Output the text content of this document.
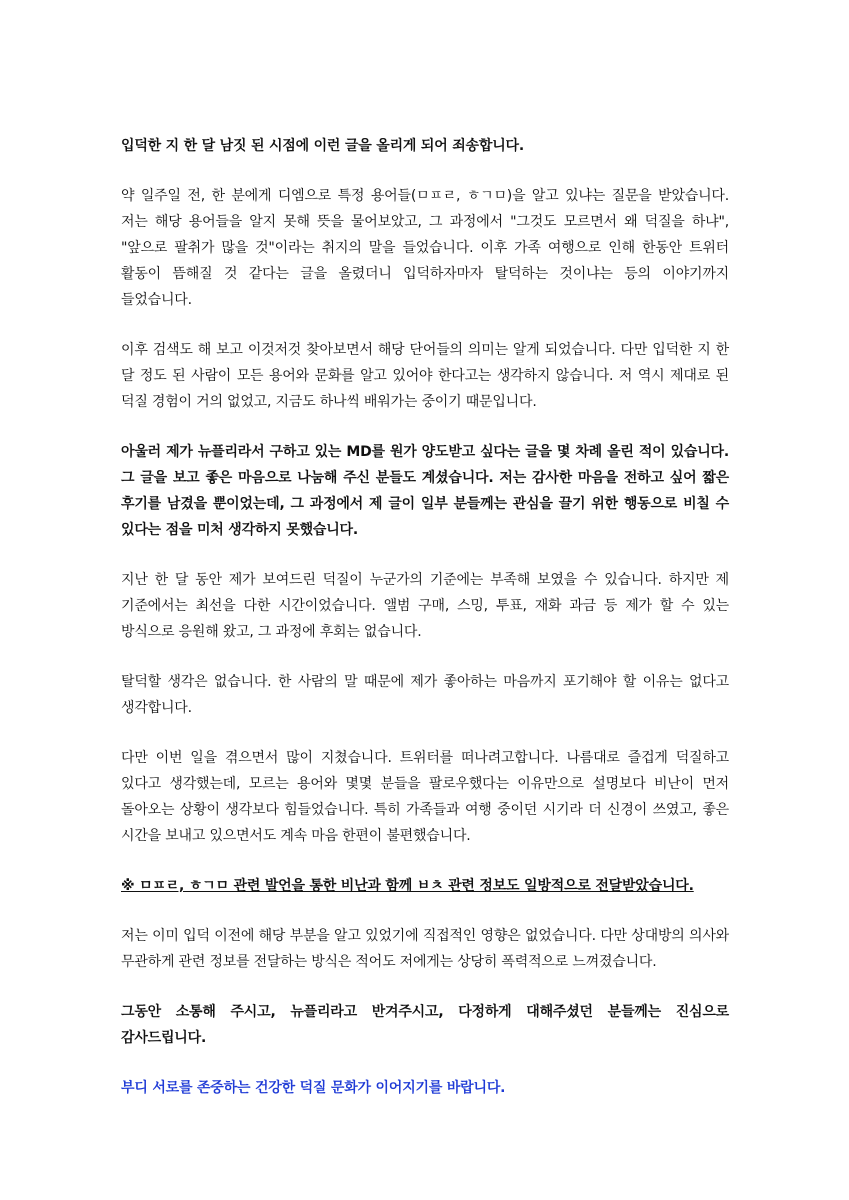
입덕한 지 한 달 남짓 된 시점에 이런 글을 올리게 되어 죄송합니다.

약 일주일 전, 한 분에게 디엠으로 특정 용어들(ㅁㅍㄹ, ㅎㄱㅁ)을 알고 있냐는 질문을 받았습니다. 저는 해당 용어들을 알지 못해 뜻을 물어보았고, 그 과정에서 "그것도 모르면서 왜 덕질을 하냐", "앞으로 팔취가 많을 것"이라는 취지의 말을 들었습니다. 이후 가족 여행으로 인해 한동안 트위터 활동이 뜸해질 것 같다는 글을 올렸더니 입덕하자마자 탈덕하는 것이냐는 등의 이야기까지 들었습니다.

이후 검색도 해 보고 이것저것 찾아보면서 해당 단어들의 의미는 알게 되었습니다. 다만 입덕한 지 한 달 정도 된 사람이 모든 용어와 문화를 알고 있어야 한다고는 생각하지 않습니다. 저 역시 제대로 된 덕질 경험이 거의 없었고, 지금도 하나씩 배워가는 중이기 때문입니다.

아울러 제가 뉴플리라서 구하고 있는 MD를 원가 양도받고 싶다는 글을 몇 차례 올린 적이 있습니다. 그 글을 보고 좋은 마음으로 나눔해 주신 분들도 계셨습니다. 저는 감사한 마음을 전하고 싶어 짧은 후기를 남겼을 뿐이었는데, 그 과정에서 제 글이 일부 분들께는 관심을 끌기 위한 행동으로 비칠 수 있다는 점을 미처 생각하지 못했습니다.

지난 한 달 동안 제가 보여드린 덕질이 누군가의 기준에는 부족해 보였을 수 있습니다. 하지만 제 기준에서는 최선을 다한 시간이었습니다. 앨범 구매, 스밍, 투표, 재화 과금 등 제가 할 수 있는 방식으로 응원해 왔고, 그 과정에 후회는 없습니다.

탈덕할 생각은 없습니다. 한 사람의 말 때문에 제가 좋아하는 마음까지 포기해야 할 이유는 없다고 생각합니다.

다만 이번 일을 겪으면서 많이 지쳤습니다. 트위터를 떠나려고합니다. 나름대로 즐겁게 덕질하고 있다고 생각했는데, 모르는 용어와 몇몇 분들을 팔로우했다는 이유만으로 설명보다 비난이 먼저 돌아오는 상황이 생각보다 힘들었습니다. 특히 가족들과 여행 중이던 시기라 더 신경이 쓰였고, 좋은 시간을 보내고 있으면서도 계속 마음 한편이 불편했습니다.

※ ㅁㅍㄹ, ㅎㄱㅁ 관련 발언을 통한 비난과 함께 ㅂㅊ 관련 정보도 일방적으로 전달받았습니다.

저는 이미 입덕 이전에 해당 부분을 알고 있었기에 직접적인 영향은 없었습니다. 다만 상대방의 의사와 무관하게 관련 정보를 전달하는 방식은 적어도 저에게는 상당히 폭력적으로 느껴졌습니다.

그동안 소통해 주시고, 뉴플리라고 반겨주시고, 다정하게 대해주셨던 분들께는 진심으로 감사드립니다.

부디 서로를 존중하는 건강한 덕질 문화가 이어지기를 바랍니다.
